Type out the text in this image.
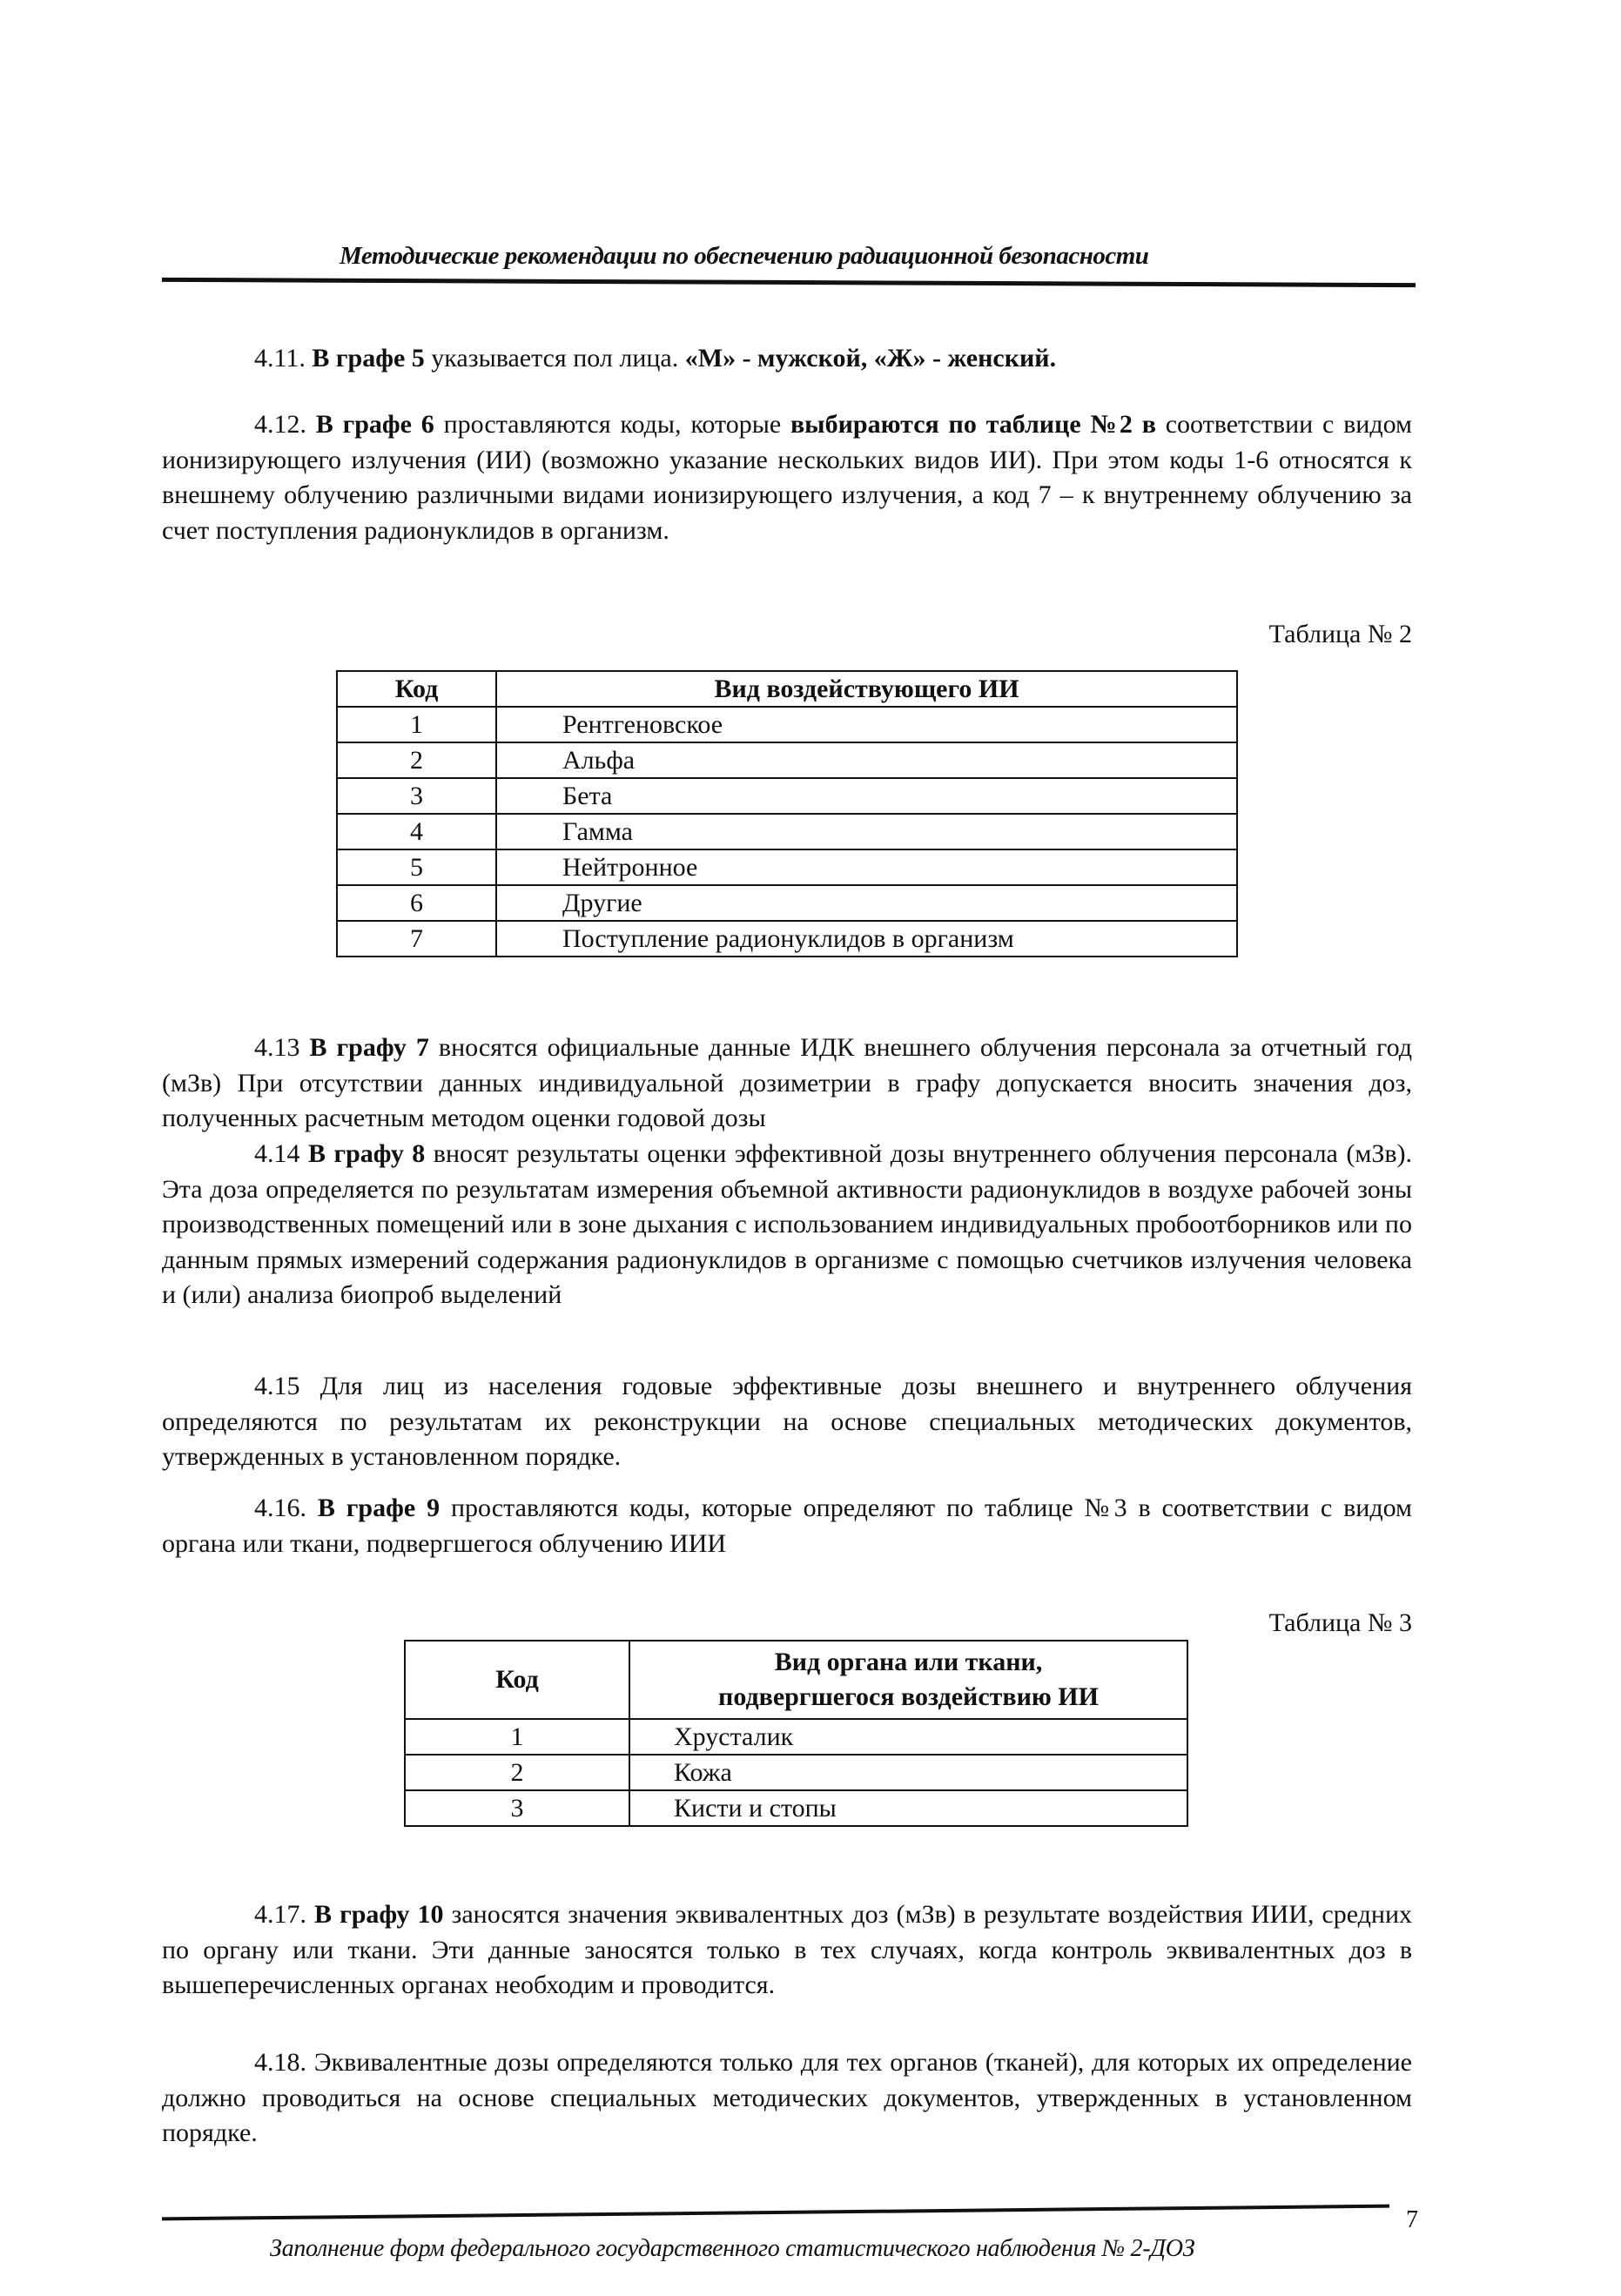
Методические рекомендации по обеспечению радиационной безопасности

4.11. В графе 5 указывается пол лица. «М» - мужской, «Ж» - женский.

4.12. В графе 6 проставляются коды, которые выбираются по таблице №2 в соответствии с видом ионизирующего излучения (ИИ) (возможно указание нескольких видов ИИ). При этом коды 1-6 относятся к внешнему облучению различными видами ионизирующего излучения, а код 7 – к внутреннему облучению за счет поступления радионуклидов в организм.

Таблица № 2
Код	Вид воздействующего ИИ
1	Рентгеновское
2	Альфа
3	Бета
4	Гамма
5	Нейтронное
6	Другие
7	Поступление радионуклидов в организм

4.13 В графу 7 вносятся официальные данные ИДК внешнего облучения персонала за отчетный год (мЗв) При отсутствии данных индивидуальной дозиметрии в графу допускается вносить значения доз, полученных расчетным методом оценки годовой дозы

4.14 В графу 8 вносят результаты оценки эффективной дозы внутреннего облучения персонала (мЗв). Эта доза определяется по результатам измерения объемной активности радионуклидов в воздухе рабочей зоны производственных помещений или в зоне дыхания с использованием индивидуальных пробоотборников или по данным прямых измерений содержания радионуклидов в организме с помощью счетчиков излучения человека и (или) анализа биопроб выделений

4.15 Для лиц из населения годовые эффективные дозы внешнего и внутреннего облучения определяются по результатам их реконструкции на основе специальных методических документов, утвержденных в установленном порядке.

4.16. В графе 9 проставляются коды, которые определяют по таблице №3 в соответствии с видом органа или ткани, подвергшегося облучению ИИИ

Таблица № 3
Код	Вид органа или ткани,
подвергшегося воздействию ИИ

1	Хрусталик
2	Кожа
3	Кисти и стопы

4.17. В графу 10 заносятся значения эквивалентных доз (мЗв) в результате воздействия ИИИ, средних по органу или ткани. Эти данные заносятся только в тех случаях, когда контроль эквивалентных доз в вышеперечисленных органах необходим и проводится.

4.18. Эквивалентные дозы определяются только для тех органов (тканей), для которых их определение должно проводиться на основе специальных методических документов, утвержденных в установленном порядке.

7
Заполнение форм федерального государственного статистического наблюдения № 2-ДОЗ
